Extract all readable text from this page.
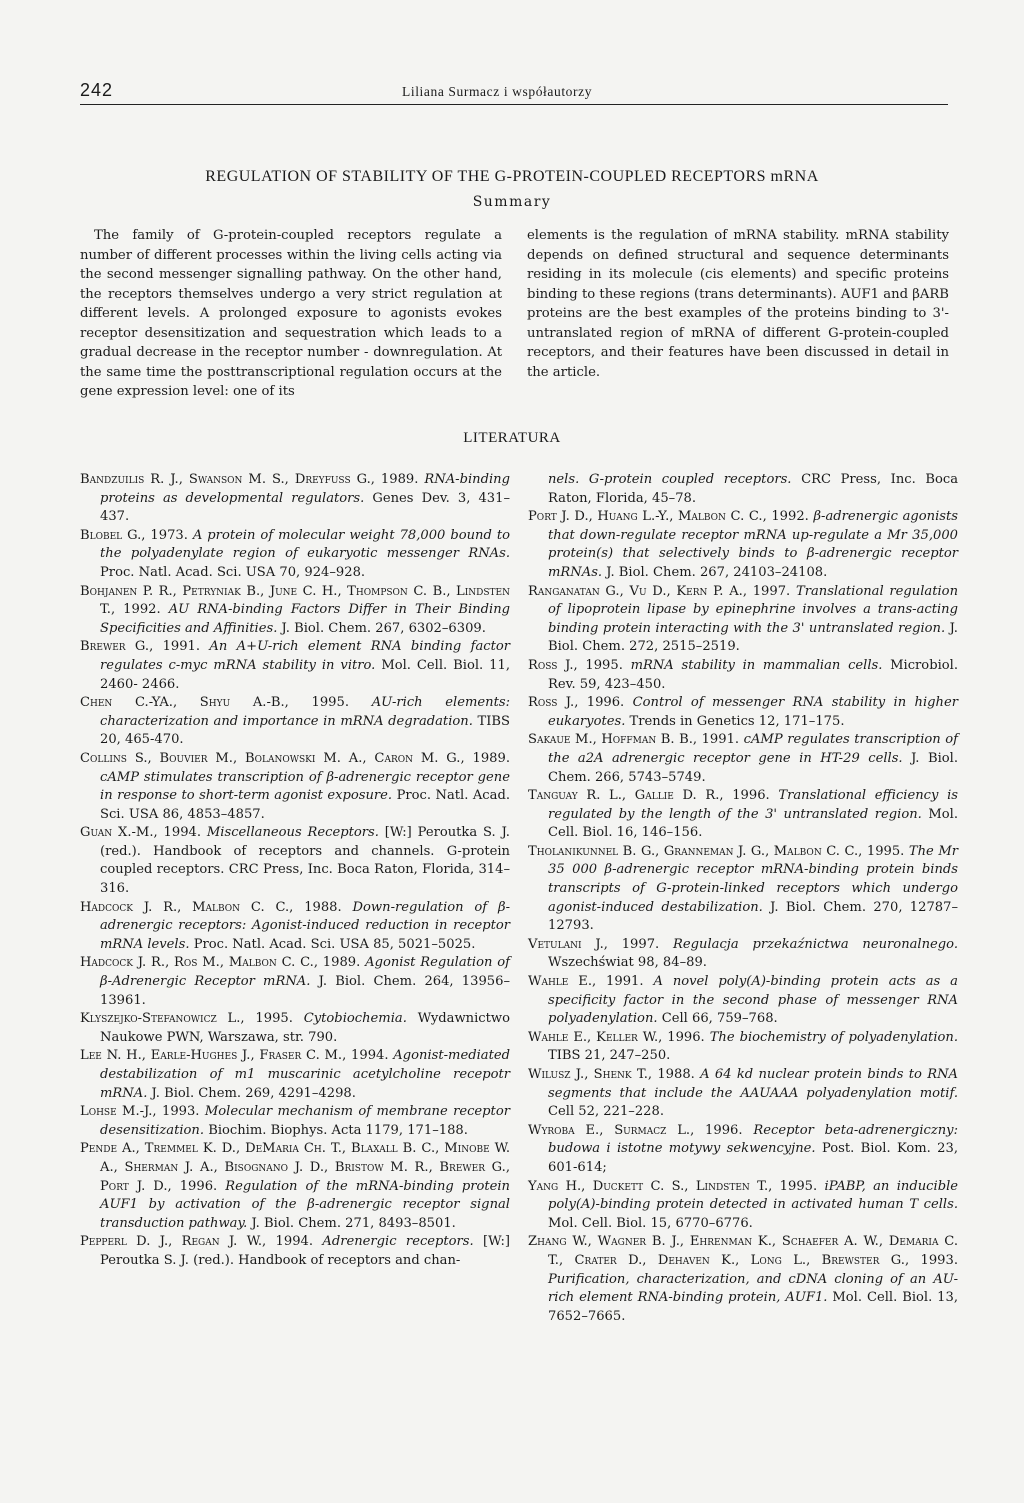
242	Liliana Surmacz i współautorzy
REGULATION OF STABILITY OF THE G-PROTEIN-COUPLED RECEPTORS mRNA
Summary
The family of G-protein-coupled receptors regulate a number of different processes within the living cells acting via the second messenger signalling pathway. On the other hand, the receptors themselves undergo a very strict regulation at different levels. A prolonged exposure to agonists evokes receptor desensitization and sequestration which leads to a gradual decrease in the receptor number - downregulation. At the same time the posttranscriptional regulation occurs at the gene expression level: one of its
elements is the regulation of mRNA stability. mRNA stability depends on defined structural and sequence determinants residing in its molecule (cis elements) and specific proteins binding to these regions (trans determinants). AUF1 and βARB proteins are the best examples of the proteins binding to 3'-untranslated region of mRNA of different G-protein-coupled receptors, and their features have been discussed in detail in the article.
LITERATURA

Bandzuilis R. J., Swanson M. S., Dreyfuss G., 1989. RNA-binding proteins as developmental regulators. Genes Dev. 3, 431–437.

Blobel G., 1973. A protein of molecular weight 78,000 bound to the polyadenylate region of eukaryotic messenger RNAs. Proc. Natl. Acad. Sci. USA 70, 924–928.

Bohjanen P. R., Petryniak B., June C. H., Thompson C. B., Lindsten T., 1992. AU RNA-binding Factors Differ in Their Binding Specificities and Affinities. J. Biol. Chem. 267, 6302–6309.

Brewer G., 1991. An A+U-rich element RNA binding factor regulates c-myc mRNA stability in vitro. Mol. Cell. Biol. 11, 2460- 2466.

Chen C.-YA., Shyu A.-B., 1995. AU-rich elements: characterization and importance in mRNA degradation. TIBS 20, 465-470.

Collins S., Bouvier M., Bolanowski M. A., Caron M. G., 1989. cAMP stimulates transcription of β-adrenergic receptor gene in response to short-term agonist exposure. Proc. Natl. Acad. Sci. USA 86, 4853–4857.

Guan X.-M., 1994. Miscellaneous Receptors. [W:] Peroutka S. J. (red.). Handbook of receptors and channels. G-protein coupled receptors. CRC Press, Inc. Boca Raton, Florida, 314–316.

Hadcock J. R., Malbon C. C., 1988. Down-regulation of β-adrenergic receptors: Agonist-induced reduction in receptor mRNA levels. Proc. Natl. Acad. Sci. USA 85, 5021–5025.

Hadcock J. R., Ros M., Malbon C. C., 1989. Agonist Regulation of β-Adrenergic Receptor mRNA. J. Biol. Chem. 264, 13956–13961.

Klyszejko-Stefanowicz L., 1995. Cytobiochemia. Wydawnictwo Naukowe PWN, Warszawa, str. 790.

Lee N. H., Earle-Hughes J., Fraser C. M., 1994. Agonist-mediated destabilization of m1 muscarinic acetylcholine recepotr mRNA. J. Biol. Chem. 269, 4291–4298.

Lohse M.-J., 1993. Molecular mechanism of membrane receptor desensitization. Biochim. Biophys. Acta 1179, 171–188.

Pende A., Tremmel K. D., DeMaria Ch. T., Blaxall B. C., Minobe W. A., Sherman J. A., Bisognano J. D., Bristow M. R., Brewer G., Port J. D., 1996. Regulation of the mRNA-binding protein AUF1 by activation of the β-adrenergic receptor signal transduction pathway. J. Biol. Chem. 271, 8493–8501.

Pepperl D. J., Regan J. W., 1994. Adrenergic receptors. [W:] Peroutka S. J. (red.). Handbook of receptors and chan-

nels. G-protein coupled receptors. CRC Press, Inc. Boca Raton, Florida, 45–78.

Port J. D., Huang L.-Y., Malbon C. C., 1992. β-adrenergic agonists that down-regulate receptor mRNA up-regulate a Mr 35,000 protein(s) that selectively binds to β-adrenergic receptor mRNAs. J. Biol. Chem. 267, 24103–24108.

Ranganatan G., Vu D., Kern P. A., 1997. Translational regulation of lipoprotein lipase by epinephrine involves a trans-acting binding protein interacting with the 3' untranslated region. J. Biol. Chem. 272, 2515–2519.

Ross J., 1995. mRNA stability in mammalian cells. Microbiol. Rev. 59, 423–450.

Ross J., 1996. Control of messenger RNA stability in higher eukaryotes. Trends in Genetics 12, 171–175.

Sakaue M., Hoffman B. B., 1991. cAMP regulates transcription of the a2A adrenergic receptor gene in HT-29 cells. J. Biol. Chem. 266, 5743–5749.

Tanguay R. L., Gallie D. R., 1996. Translational efficiency is regulated by the length of the 3' untranslated region. Mol. Cell. Biol. 16, 146–156.

Tholanikunnel B. G., Granneman J. G., Malbon C. C., 1995. The Mr 35 000 β-adrenergic receptor mRNA-binding protein binds transcripts of G-protein-linked receptors which undergo agonist-induced destabilization. J. Biol. Chem. 270, 12787–12793.

Vetulani J., 1997. Regulacja przekaźnictwa neuronalnego. Wszechświat 98, 84–89.

Wahle E., 1991. A novel poly(A)-binding protein acts as a specificity factor in the second phase of messenger RNA polyadenylation. Cell 66, 759–768.

Wahle E., Keller W., 1996. The biochemistry of polyadenylation. TIBS 21, 247–250.

Wilusz J., Shenk T., 1988. A 64 kd nuclear protein binds to RNA segments that include the AAUAAA polyadenylation motif. Cell 52, 221–228.

Wyroba E., Surmacz L., 1996. Receptor beta-adrenergiczny: budowa i istotne motywy sekwencyjne. Post. Biol. Kom. 23, 601-614;

Yang H., Duckett C. S., Lindsten T., 1995. iPABP, an inducible poly(A)-binding protein detected in activated human T cells. Mol. Cell. Biol. 15, 6770–6776.

Zhang W., Wagner B. J., Ehrenman K., Schaefer A. W., Demaria C. T., Crater D., Dehaven K., Long L., Brewster G., 1993. Purification, characterization, and cDNA cloning of an AU-rich element RNA-binding protein, AUF1. Mol. Cell. Biol. 13, 7652–7665.
